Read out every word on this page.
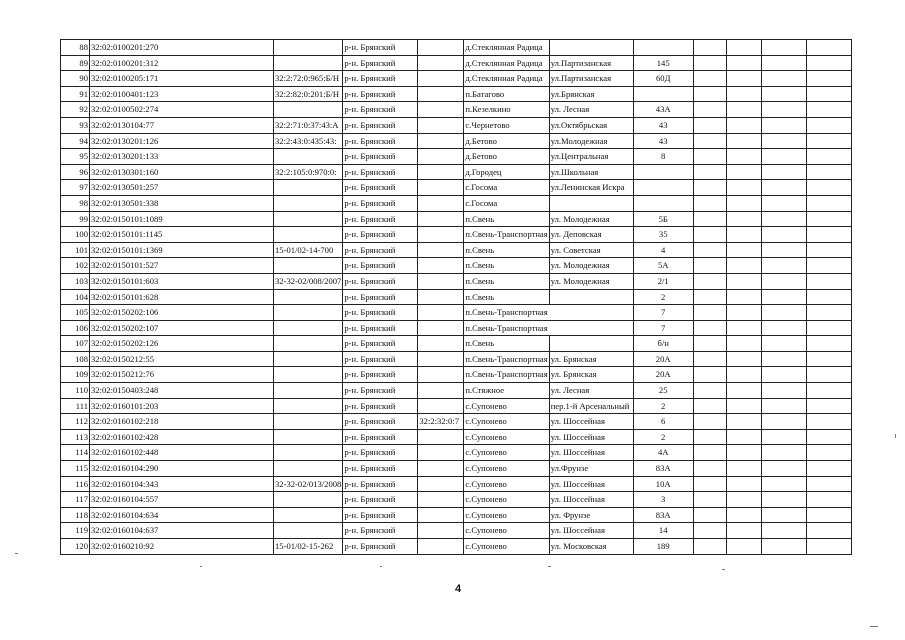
88	32:02:0100201:270		р-н. Брянский		д.Стеклянная Радица						
89	32:02:0100201:312		р-н. Брянский		д.Стеклянная Радица	ул.Партизанская	145				
90	32:02:0100205:171	32:2:72:0:965:Б/Н	р-н. Брянский		д.Стеклянная Радица	ул.Партизанская	60Д				
91	32:02:0100401:123	32:2:82:0:201:Б/Н	р-н. Брянский		п.Батагово	ул.Брянская					
92	32:02:0100502:274		р-н. Брянский		п.Кезелкино	ул. Лесная	43А				
93	32:02:0130104:77	32:2:71:0:37:43:А	р-н. Брянский		с.Чернетово	ул.Октябрьская	43				
94	32:02:0130201:126	32:2:43:0:435:43:	р-н. Брянский		д.Бетово	ул.Молодежная	43				
95	32:02:0130201:133		р-н. Брянский		д.Бетово	ул.Центральная	8				
96	32:02:0130301:160	32:2:105:0:970:0:	р-н. Брянский		д.Городец	ул.Школьная					
97	32:02:0130501:257		р-н. Брянский		с.Госома	ул.Ленинская Искра					
98	32:02:0130501:338		р-н. Брянский		с.Госома						
99	32:02:0150101:1089		р-н. Брянский		п.Свень	ул. Молодежная	5Б				
100	32:02:0150101:1145		р-н. Брянский		п.Свень-Транспортная	ул. Деповская	35				
101	32:02:0150101:1369	15-01/02-14-700	р-н. Брянский		п.Свень	ул. Советская	4				
102	32:02:0150101:527		р-н. Брянский		п.Свень	ул. Молодежная	5А				
103	32:02:0150101:603	32-32-02/008/2007	р-н. Брянский		п.Свень	ул. Молодежная	2/1				
104	32:02:0150101:628		р-н. Брянский		п.Свень		2				
105	32:02:0150202:106		р-н. Брянский		п.Свень-Транспортная		7				
106	32:02:0150202:107		р-н. Брянский		п.Свень-Транспортная		7				
107	32:02:0150202:126		р-н. Брянский		п.Свень		б/н				
108	32:02:0150212:55		р-н. Брянский		п.Свень-Транспортная	ул. Брянская	20А				
109	32:02:0150212:76		р-н. Брянский		п.Свень-Транспортная	ул. Брянская	20А				
110	32:02:0150403:248		р-н. Брянский		п.Стяжное	ул. Лесная	25				
111	32:02:0160101:203		р-н. Брянский		с.Супонево	пер.1-й Арсенальный	2				
112	32:02:0160102:218		р-н. Брянский	32:2:32:0:7	с.Супонево	ул. Шоссейная	6				
113	32:02:0160102:428		р-н. Брянский		с.Супонево	ул. Шоссейная	2				
114	32:02:0160102:448		р-н. Брянский		с.Супонево	ул. Шоссейная	4А				
115	32:02:0160104:290		р-н. Брянский		с.Супонево	ул.Фрунзе	83А				
116	32:02:0160104:343	32-32-02/013/2008	р-н. Брянский		с.Супонево	ул. Шоссейная	10А				
117	32:02:0160104:557		р-н. Брянский		с.Супонево	ул. Шоссейная	3				
118	32:02:0160104:634		р-н. Брянский		с.Супонево	ул. Фрунзе	83А				
119	32:02:0160104:637		р-н. Брянский		с.Супонево	ул. Шоссейная	14				
120	32:02:0160210:92	15-01/02-15-262	р-н. Брянский		с.Супонево	ул. Московская	189				
4
